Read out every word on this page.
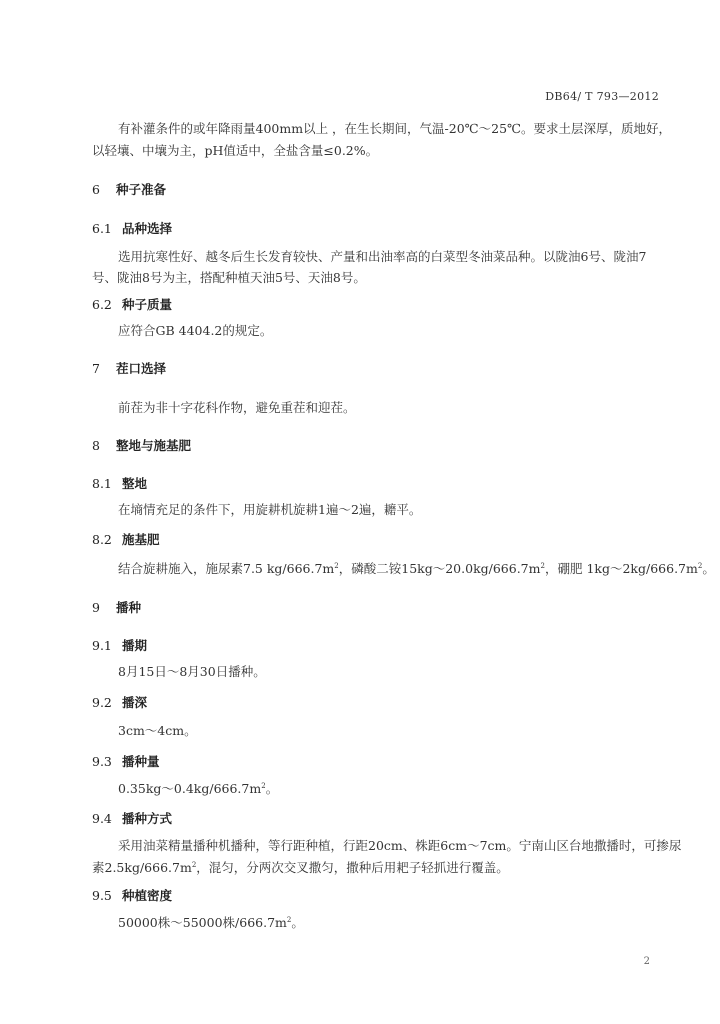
DB64/ T 793—2012
有补灌条件的或年降雨量400mm以上 ，在生长期间，气温-20℃～25℃。要求土层深厚，质地好，
以轻壤、中壤为主，pH值适中，全盐含量≤0.2%。
6 种子准备
6.1 品种选择
选用抗寒性好、越冬后生长发育较快、产量和出油率高的白菜型冬油菜品种。以陇油6号、陇油7
号、陇油8号为主，搭配种植天油5号、天油8号。
6.2 种子质量
应符合GB 4404.2的规定。
7 茬口选择
前茬为非十字花科作物，避免重茬和迎茬。
8 整地与施基肥
8.1 整地
在墒情充足的条件下，用旋耕机旋耕1遍～2遍，耱平。
8.2 施基肥
结合旋耕施入，施尿素7.5 $kg/666.7m^2$，磷酸二铵$15kg\sim 20.0kg/666.7m^2$，硼肥 $1kg\sim 2kg/666.7m^2$。
9 播种
9.1 播期
8月15日～8月30日播种。
9.2 播深
3cm～4cm。
9.3 播种量
$0.35kg\sim 0.4kg/666.7m^2$。
9.4 播种方式
采用油菜精量播种机播种，等行距种植，行距20cm、株距6cm～7cm。宁南山区台地撒播时，可掺尿
素$2.5kg/666.7m^2$，混匀，分两次交叉撒匀，撒种后用耙子轻抓进行覆盖。
9.5 种植密度
50000株～55000株$/666.7m^2$。
2
